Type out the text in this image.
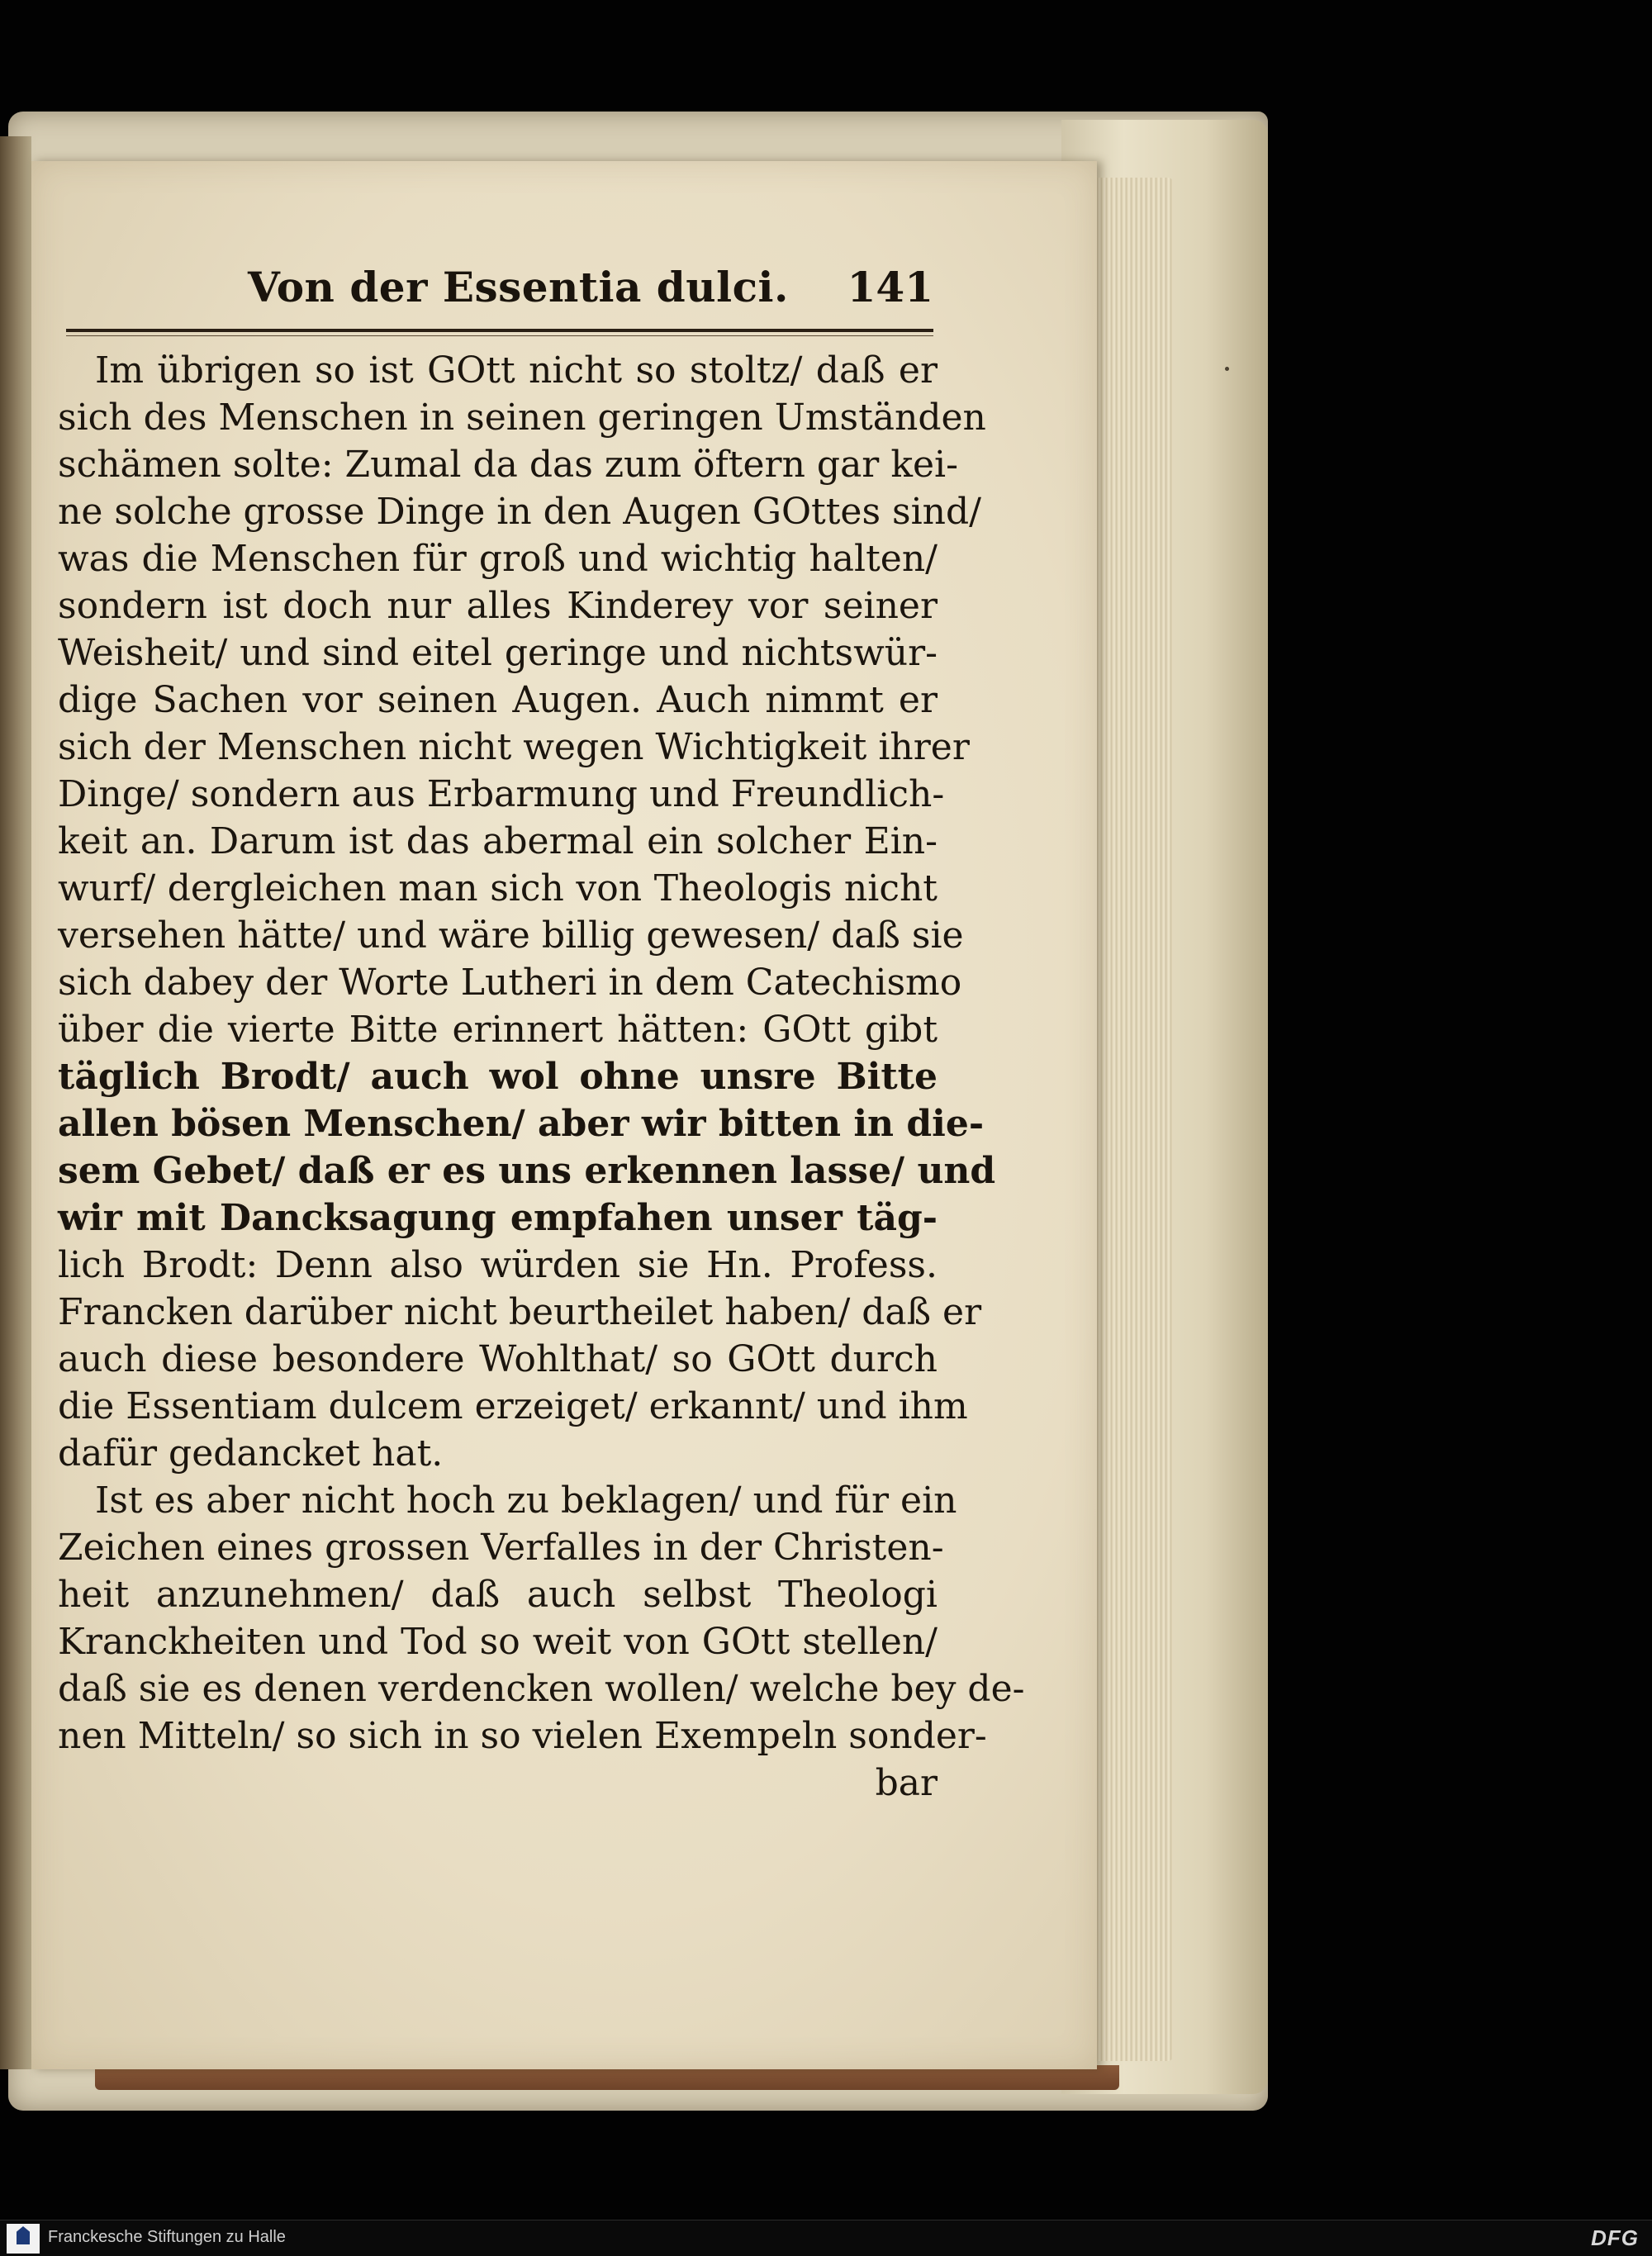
Von der Essentia dulci. 141
Im übrigen so ist GOtt nicht so stoltz/ daß er
sich des Menschen in seinen geringen Umständen
schämen solte: Zumal da das zum öftern gar kei-
ne solche grosse Dinge in den Augen GOttes sind/
was die Menschen für groß und wichtig halten/
sondern ist doch nur alles Kinderey vor seiner
Weisheit/ und sind eitel geringe und nichtswür-
dige Sachen vor seinen Augen. Auch nimmt er
sich der Menschen nicht wegen Wichtigkeit ihrer
Dinge/ sondern aus Erbarmung und Freundlich-
keit an. Darum ist das abermal ein solcher Ein-
wurf/ dergleichen man sich von Theologis nicht
versehen hätte/ und wäre billig gewesen/ daß sie
sich dabey der Worte Lutheri in dem Catechismo
über die vierte Bitte erinnert hätten: GOtt gibt
täglich Brodt/ auch wol ohne unsre Bitte
allen bösen Menschen/ aber wir bitten in die-
sem Gebet/ daß er es uns erkennen lasse/ und
wir mit Dancksagung empfahen unser täg-
lich Brodt: Denn also würden sie Hn. Profess.
Francken darüber nicht beurtheilet haben/ daß er
auch diese besondere Wohlthat/ so GOtt durch
die Essentiam dulcem erzeiget/ erkannt/ und ihm
dafür gedancket hat.
Ist es aber nicht hoch zu beklagen/ und für ein
Zeichen eines grossen Verfalles in der Christen-
heit anzunehmen/ daß auch selbst Theologi
Kranckheiten und Tod so weit von GOtt stellen/
daß sie es denen verdencken wollen/ welche bey de-
nen Mitteln/ so sich in so vielen Exempeln sonder-
bar
Franckesche Stiftungen zu Halle	DFG
